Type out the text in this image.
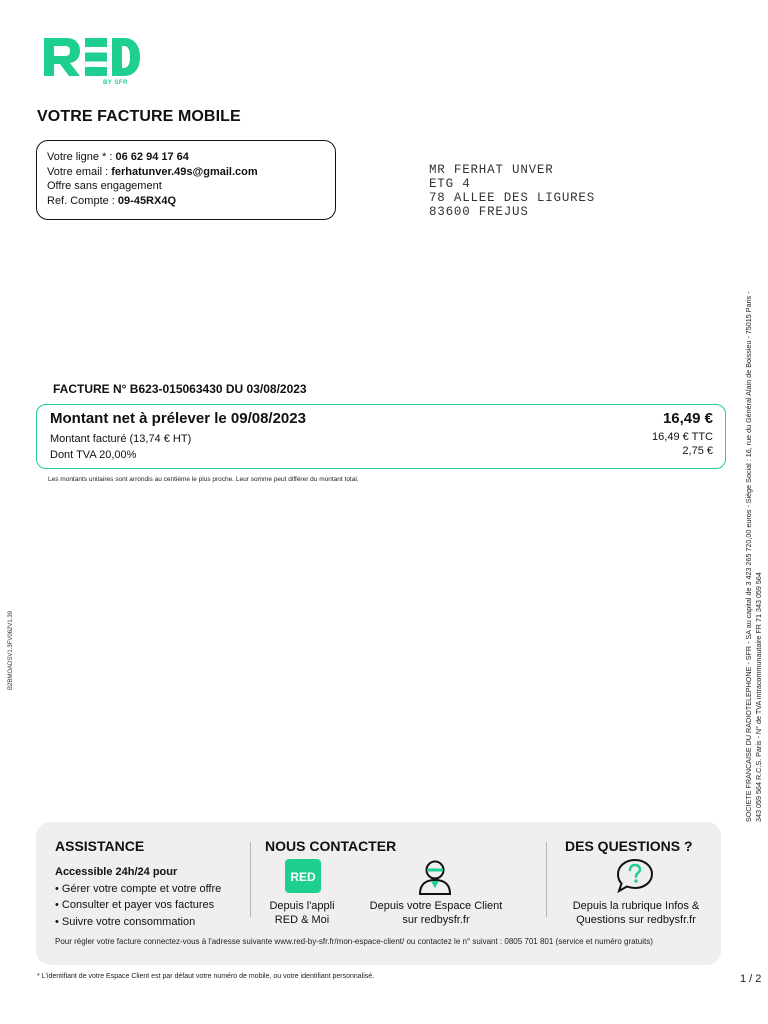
BY SFR
VOTRE FACTURE MOBILE
Votre ligne * : 06 62 94 17 64
Votre email : ferhatunver.49s@gmail.com
Offre sans engagement
Ref. Compte : 09-45RX4Q
MR FERHAT UNVER
ETG 4
78 ALLEE DES LIGURES
83600 FREJUS
SOCIETE FRANCAISE DU RADIOTELEPHONE - SFR - SA au capital de 3 423 265 720,00 euros - Siège Social : 16, rue du Général Alain de Boissieu - 75015 Paris - 343 059 564 R.C.S. Paris - N° de TVA intracommunautaire FR 71 343 059 564
B2BMOADSV1.3FV062V1.39
FACTURE N° B623-015063430 DU 03/08/2023
Montant net à prélever le 09/08/2023	16,49 €
Montant facturé (13,74 € HT)	16,49 € TTC
Dont TVA 20,00%	2,75 €
Les montants unitaires sont arrondis au centième le plus proche. Leur somme peut différer du montant total.
ASSISTANCE
Accessible 24h/24 pour
• Gérer votre compte et votre offre
• Consulter et payer vos factures
• Suivre votre consommation
NOUS CONTACTER
RED
Depuis l'appli
RED & Moi
Depuis votre Espace Client
sur redbysfr.fr
DES QUESTIONS ?
Depuis la rubrique Infos &
Questions sur redbysfr.fr
Pour régler votre facture connectez-vous à l'adresse suivante www.red-by-sfr.fr/mon-espace-client/ ou contactez le n° suivant : 0805 701 801 (service et numéro gratuits)
* L'identifiant de votre Espace Client est par défaut votre numéro de mobile, ou votre identifiant personnalisé.	1 / 2
